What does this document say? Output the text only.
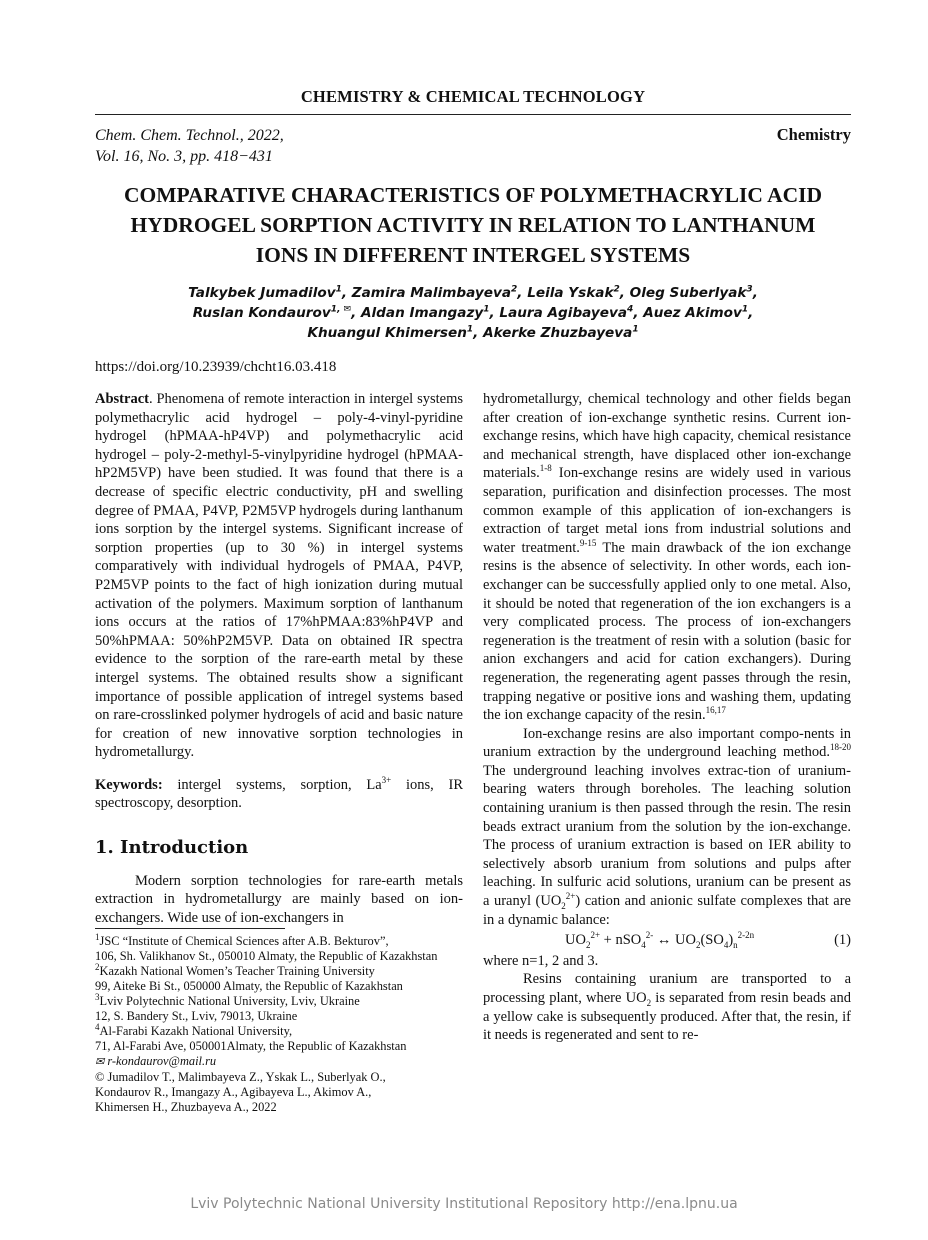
CHEMISTRY & CHEMICAL TECHNOLOGY
Chem. Chem. Technol., 2022,
Vol. 16, No. 3, pp. 418−431
Chemistry
COMPARATIVE CHARACTERISTICS OF POLYMETHACRYLIC ACID
HYDROGEL SORPTION ACTIVITY IN RELATION TO LANTHANUM
IONS IN DIFFERENT INTERGEL SYSTEMS
Talkybek Jumadilov$^1$, Zamira Malimbayeva$^2$, Leila Yskak$^2$, Oleg Suberlyak$^3$,
Ruslan Kondaurov$^{1, ✉}$, Aldan Imangazy$^1$, Laura Agibayeva$^4$, Auez Akimov$^1$,
Khuangul Khimersen$^1$, Akerke Zhuzbayeva$^1$
https://doi.org/10.23939/chcht16.03.418

Abstract. Phenomena of remote interaction in intergel systems polymethacrylic acid hydrogel – poly-4-vinyl-pyridine hydrogel (hPMAA-hP4VP) and polymethacrylic acid hydrogel – poly-2-methyl-5-vinylpyridine hydrogel (hPMAA-hP2M5VP) have been studied. It was found that there is a decrease of specific electric conductivity, pH and swelling degree of PMAA, P4VP, P2M5VP hydrogels during lanthanum ions sorption by the intergel systems. Significant increase of sorption properties (up to 30 %) in intergel systems comparatively with individual hydrogels of PMAA, P4VP, P2M5VP points to the fact of high ionization during mutual activation of the polymers. Maximum sorption of lanthanum ions occurs at the ratios of 17%hPMAA:83%hP4VP and 50%hPMAA: 50%hP2M5VP. Data on obtained IR spectra evidence to the sorption of the rare-earth metal by these intergel systems. The obtained results show a significant importance of possible application of intregel systems based on rare-crosslinked polymer hydrogels of acid and basic nature for creation of new innovative sorption technologies in hydrometallurgy.

Keywords: intergel systems, sorption, $La^{3+}$ ions, IR spectroscopy, desorption.

1. Introduction

Modern sorption technologies for rare-earth metals extraction in hydrometallurgy are mainly based on ion-exchangers. Wide use of ion-exchangers in

$^1$JSC “Institute of Chemical Sciences after A.B. Bekturov”,

106, Sh. Valikhanov St., 050010 Almaty, the Republic of Kazakhstan

$^2$Kazakh National Women’s Teacher Training University

99, Aiteke Bi St., 050000 Almaty, the Republic of Kazakhstan

$^3$Lviv Polytechnic National University, Lviv, Ukraine

12, S. Bandery St., Lviv, 79013, Ukraine

$^4$Al-Farabi Kazakh National University,

71, Al-Farabi Ave, 050001Almaty, the Republic of Kazakhstan

✉ r-kondaurov@mail.ru

© Jumadilov T., Malimbayeva Z., Yskak L., Suberlyak O.,

Kondaurov R., Imangazy A., Agibayeva L., Akimov A.,

Khimersen H., Zhuzbayeva A., 2022

hydrometallurgy, chemical technology and other fields began after creation of ion-exchange synthetic resins. Current ion-exchange resins, which have high capacity, chemical resistance and mechanical strength, have displaced other ion-exchange materials.$^{1-8}$ Ion-exchange resins are widely used in various separation, purification and disinfection processes. The most common example of this application of ion-exchangers is extraction of target metal ions from industrial solutions and water treatment.$^{9-15}$ The main drawback of the ion exchange resins is the absence of selectivity. In other words, each ion-exchanger can be successfully applied only to one metal. Also, it should be noted that regeneration of the ion exchangers is a very complicated process. The process of ion-exchangers regeneration is the treatment of resin with a solution (basic for anion exchangers and acid for cation exchangers). During regeneration, the regenerating agent passes through the resin, trapping negative or positive ions and washing them, updating the ion exchange capacity of the resin.$^{16,17}$

Ion-exchange resins are also important compo-nents in uranium extraction by the underground leaching method.$^{18-20}$ The underground leaching involves extrac-tion of uranium-bearing waters through boreholes. The leaching solution containing uranium is then passed through the resin. The resin beads extract uranium from the solution by the ion-exchange. The process of uranium extraction is based on IER ability to selectively absorb uranium from solutions and pulps after leaching. In sulfuric acid solutions, uranium can be present as a uranyl $(UO_2^{2+})$ cation and anionic sulfate complexes that are in a dynamic balance:

$UO_2^{2+} + nSO_4^{2-}$ ↔ $UO_2(SO_4)_n^{2-2n}$	(1)

where n=1, 2 and 3.

Resins containing uranium are transported to a processing plant, where $UO_2$ is separated from resin beads and a yellow cake is subsequently produced. After that, the resin, if it needs is regenerated and sent to re-

Lviv Polytechnic National University Institutional Repository http://ena.lpnu.ua
